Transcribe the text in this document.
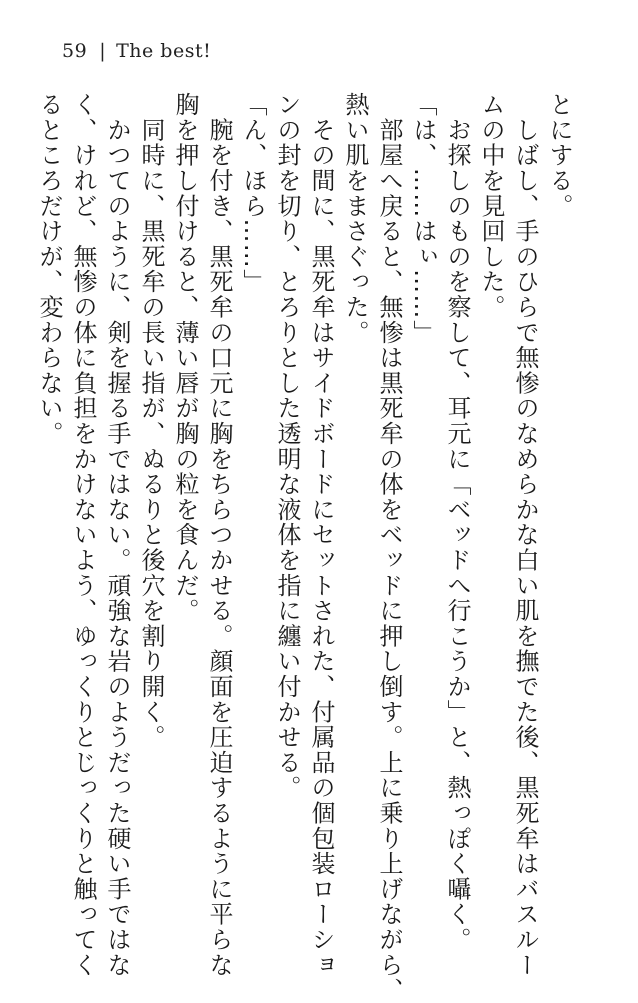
59 | The best!
とにする。
　しばし、手のひらで無惨のなめらかな白い肌を撫でた後、黒死牟はバスルー
ムの中を見回した。
　お探しのものを察して、耳元に「ベッドへ行こうか」と、熱っぽく囁く。
「は、……はぃ……」
　部屋へ戻ると、無惨は黒死牟の体をベッドに押し倒す。上に乗り上げながら、
熱い肌をまさぐった。
　その間に、黒死牟はサイドボードにセットされた、付属品の個包装ローショ
ンの封を切り、とろりとした透明な液体を指に纏い付かせる。
「ん、ほら……」
　腕を付き、黒死牟の口元に胸をちらつかせる。顔面を圧迫するように平らな
胸を押し付けると、薄い唇が胸の粒を食んだ。
　同時に、黒死牟の長い指が、ぬるりと後穴を割り開く。
　かつてのように、剣を握る手ではない。頑強な岩のようだった硬い手ではな
く、けれど、無惨の体に負担をかけないよう、ゆっくりとじっくりと触ってく
るところだけが、変わらない。
